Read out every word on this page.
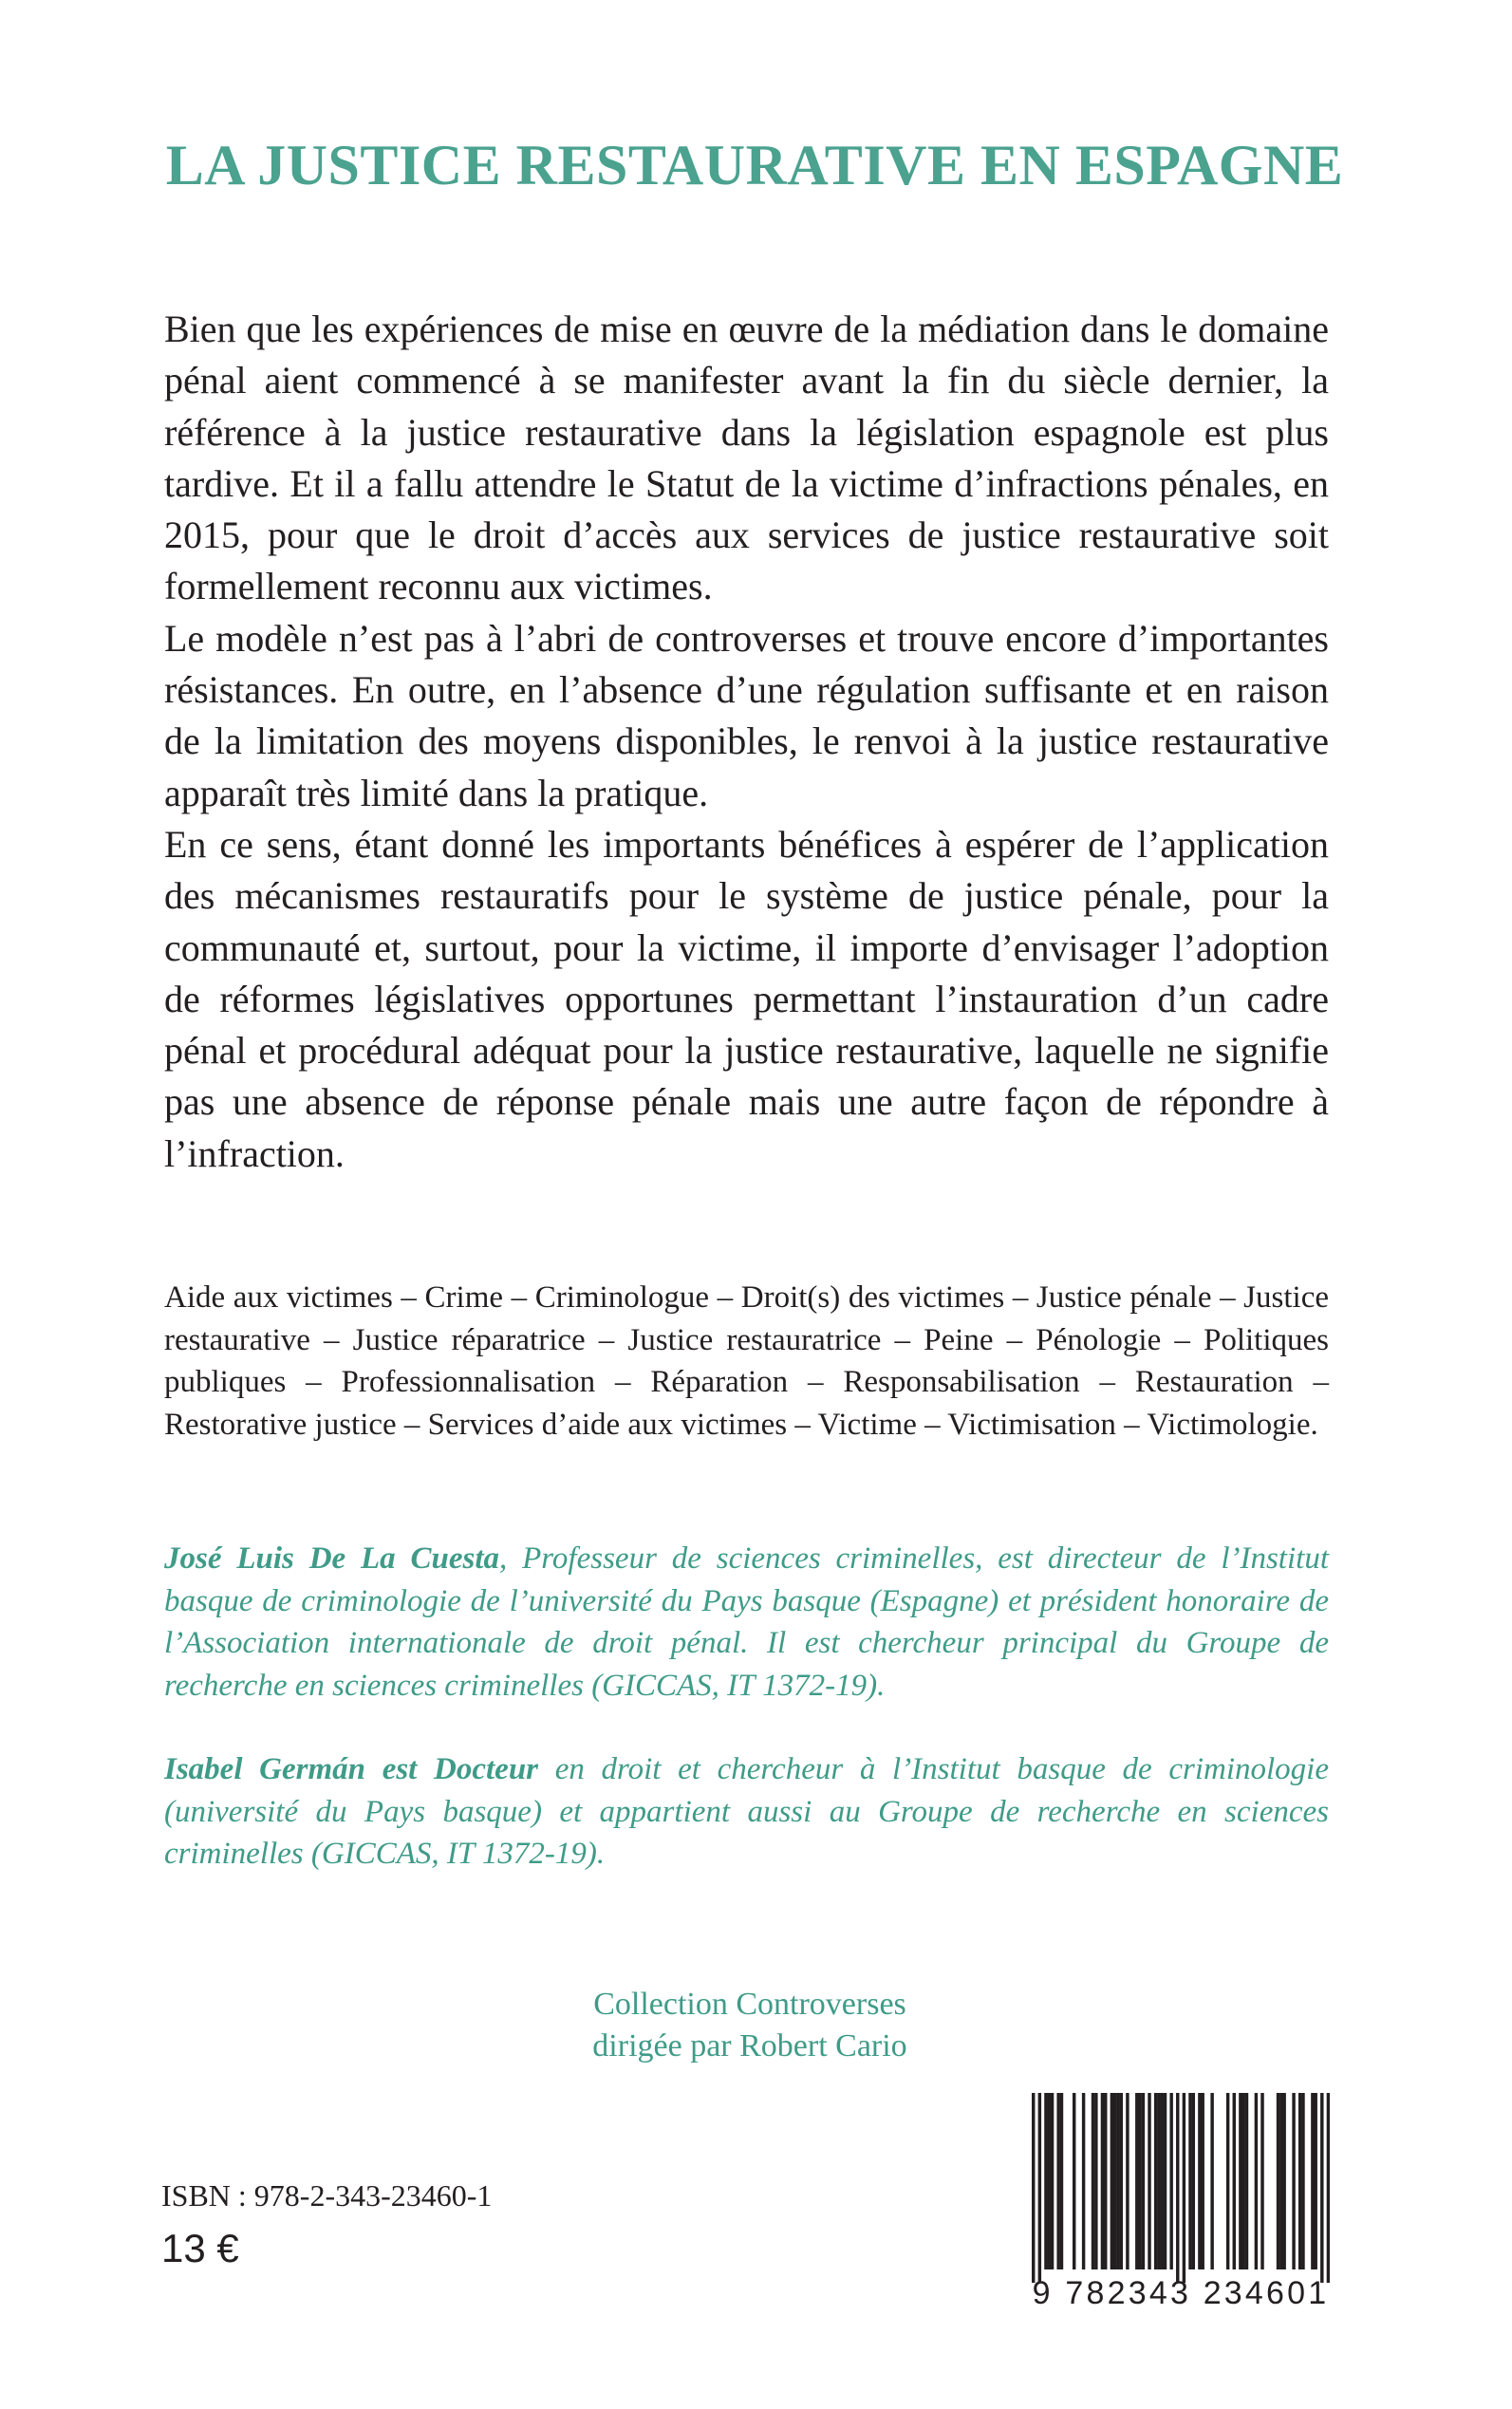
LA JUSTICE RESTAURATIVE EN ESPAGNE

Bien que les expériences de mise en œuvre de la médiation dans le domaine pénal aient commencé à se manifester avant la fin du siècle dernier, la référence à la justice restaurative dans la législation espagnole est plus tardive. Et il a fallu attendre le Statut de la victime d’infractions pénales, en 2015, pour que le droit d’accès aux services de justice restaurative soit formellement reconnu aux victimes.

Le modèle n’est pas à l’abri de controverses et trouve encore d’importantes résistances. En outre, en l’absence d’une régulation suffisante et en raison de la limitation des moyens disponibles, le renvoi à la justice restaurative apparaît très limité dans la pratique.

En ce sens, étant donné les importants bénéfices à espérer de l’application des mécanismes restauratifs pour le système de justice pénale, pour la communauté et, surtout, pour la victime, il importe d’envisager l’adoption de réformes législatives opportunes permettant l’instauration d’un cadre pénal et procédural adéquat pour la justice restaurative, laquelle ne signifie pas une absence de réponse pénale mais une autre façon de répondre à l’infraction.

Aide aux victimes – Crime – Criminologue – Droit(s) des victimes – Justice pénale – Justice restaurative – Justice réparatrice – Justice restauratrice – Peine – Pénologie – Politiques publiques – Professionnalisation – Réparation – Responsabilisation – Restauration – Restorative justice – Services d’aide aux victimes – Victime – Victimisation – Victimologie.

José Luis De La Cuesta, Professeur de sciences criminelles, est directeur de l’Institut basque de criminologie de l’université du Pays basque (Espagne) et président honoraire de l’Association internationale de droit pénal. Il est chercheur principal du Groupe de recherche en sciences criminelles (GICCAS, IT 1372-19).

Isabel Germán est Docteur en droit et chercheur à l’Institut basque de criminologie (université du Pays basque) et appartient aussi au Groupe de recherche en sciences criminelles (GICCAS, IT 1372-19).

Collection Controverses
dirigée par Robert Cario

ISBN : 978-2-343-23460-1

13 €

9 782343 234601
